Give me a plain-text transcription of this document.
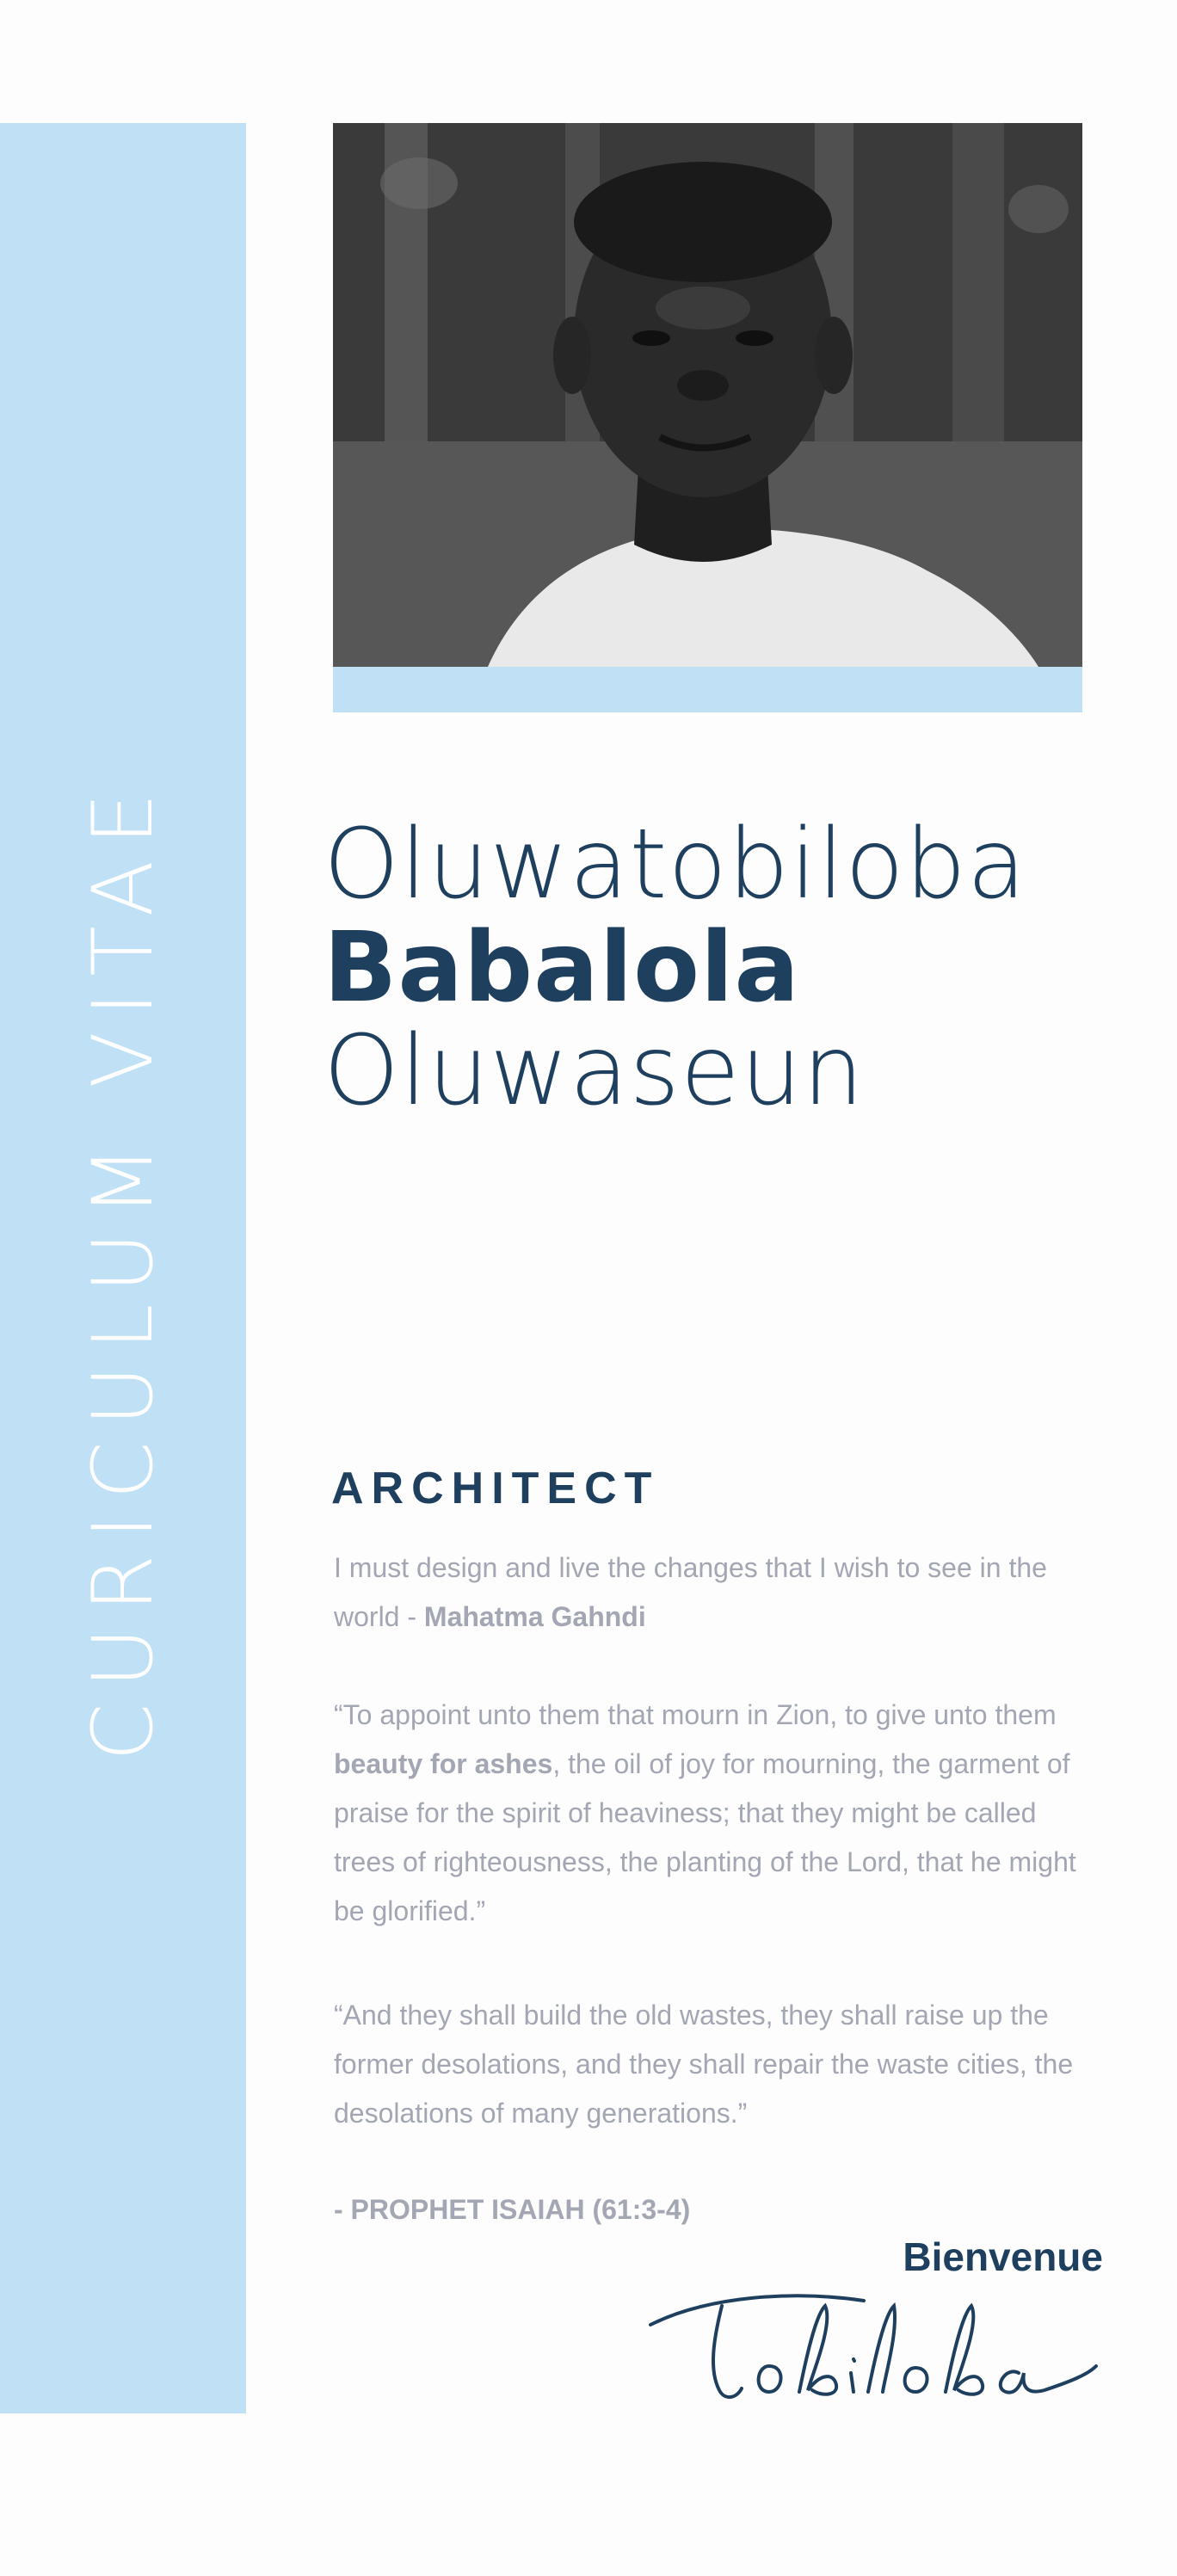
CURICULUM VITAE Oluwatobiloba
Babalola
Oluwaseun
ARCHITECT
I must design and live the changes that I wish to see in the world - Mahatma Gahndi
“To appoint unto them that mourn in Zion, to give unto them beauty for ashes, the oil of joy for mourning, the garment of praise for the spirit of heaviness; that they might be called trees of righteousness, the planting of the Lord, that he might be glorified.”
“And they shall build the old wastes, they shall raise up the former desolations, and they shall repair the waste cities, the desolations of many generations.”
- PROPHET ISAIAH (61:3-4)
Bienvenue
